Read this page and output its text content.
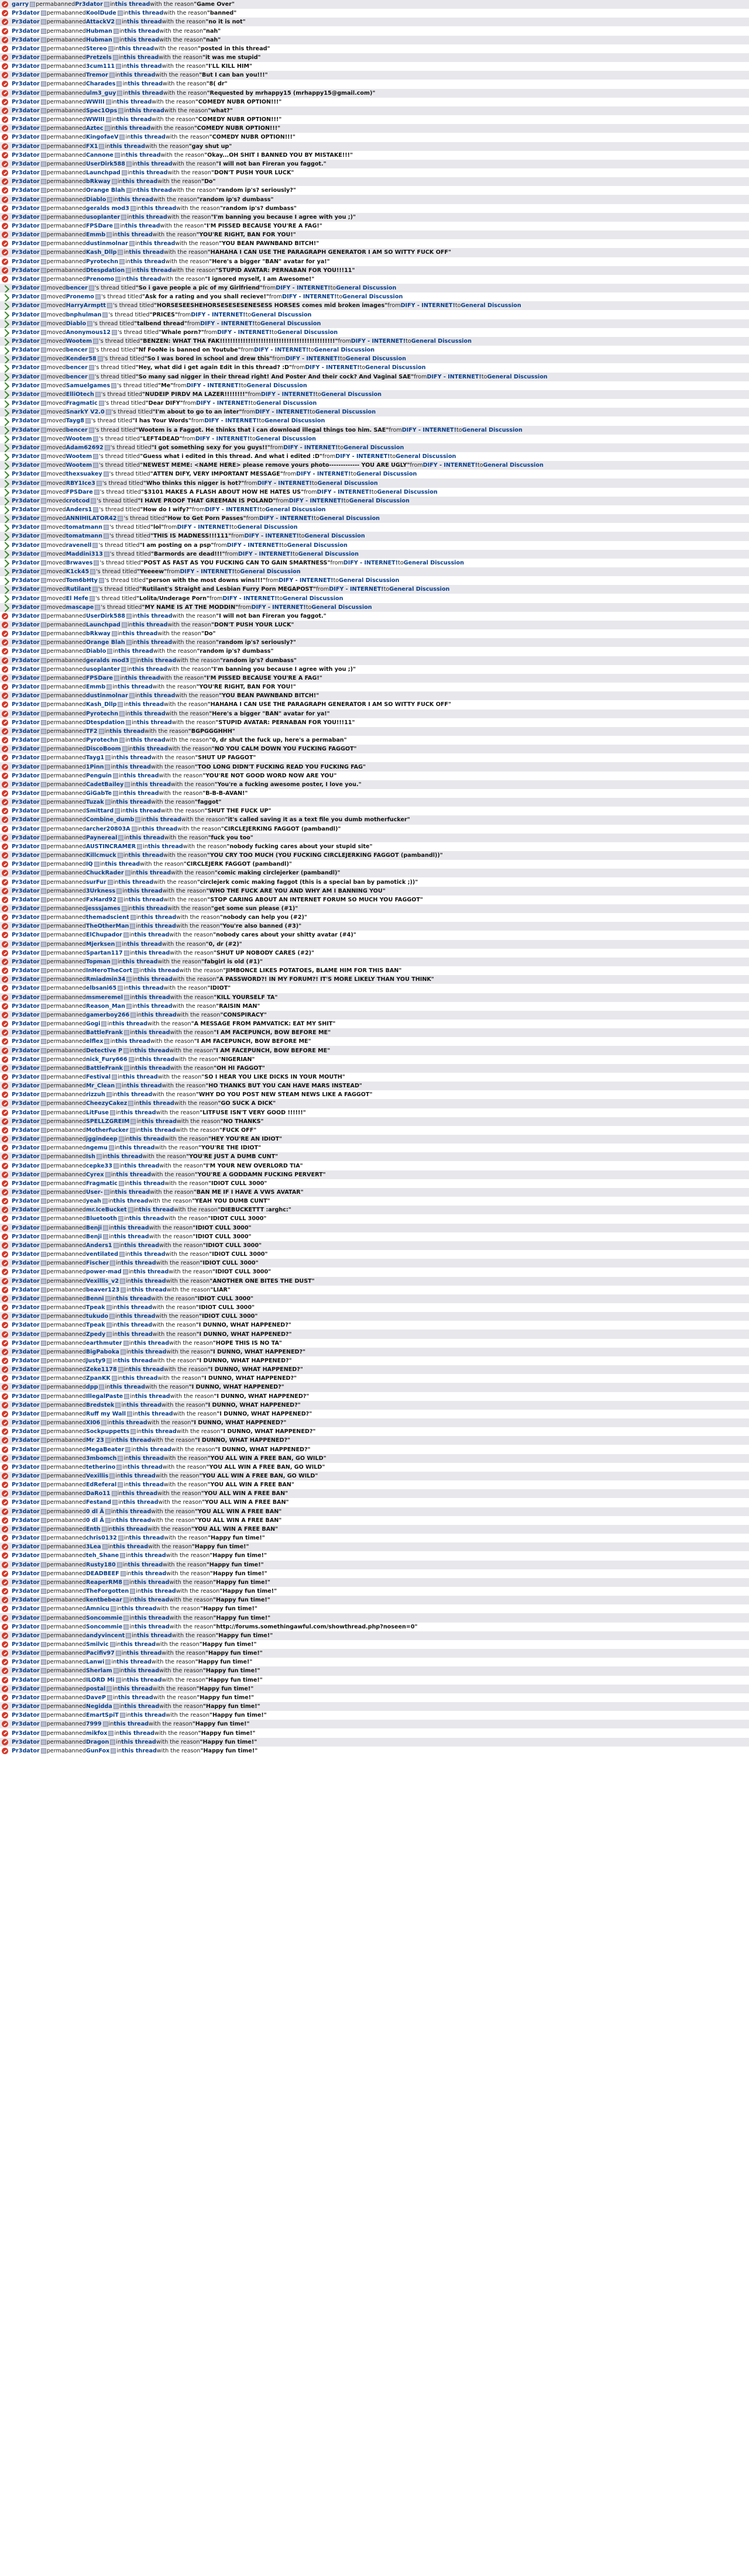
garry permabanned Pr3dator in this thread with the reason "Game Over"
Pr3dator permabanned KoolDude in this thread with the reason "banned"
Pr3dator permabanned AttackV2 in this thread with the reason "no it is not"
Pr3dator permabanned Hubman in this thread with the reason "nah"
Pr3dator permabanned Hubman in this thread with the reason "nah"
Pr3dator permabanned Stereo in this thread with the reason "posted in this thread"
Pr3dator permabanned Pretzels in this thread with the reason "it was me stupid"
Pr3dator permabanned 3cum111 in this thread with the reason "I'LL KILL HIM"
Pr3dator permabanned Tremor in this thread with the reason "But I can ban you!!!"
Pr3dator permabanned Charades in this thread with the reason "8( dr"
Pr3dator permabanned ulm3_guy in this thread with the reason "Requested by mrhappy15 (mrhappy15@gmail.com)"
Pr3dator permabanned WWIII in this thread with the reason "COMEDY NUBR OPTION!!!"
Pr3dator permabanned Spec1Ops in this thread with the reason "what?"
Pr3dator permabanned WWIII in this thread with the reason "COMEDY NUBR OPTION!!!"
Pr3dator permabanned Aztec in this thread with the reason "COMEDY NUBR OPTION!!!"
Pr3dator permabanned KingofaeV in this thread with the reason "COMEDY NUBR OPTION!!!"
Pr3dator permabanned FX1 in this thread with the reason "gay shut up"
Pr3dator permabanned Cannone in this thread with the reason "Okay...OH SHIT I BANNED YOU BY MISTAKE!!!"
Pr3dator permabanned UserDirk588 in this thread with the reason "I will not ban Fireran you faggot."
Pr3dator permabanned Launchpad in this thread with the reason "DON'T PUSH YOUR LUCK"
Pr3dator permabanned bRkway in this thread with the reason "Do"
Pr3dator permabanned Orange Blah in this thread with the reason "random ip's? seriously?"
Pr3dator permabanned Diablo in this thread with the reason "random ip's? dumbass"
Pr3dator permabanned geralds mod3 in this thread with the reason "random ip's? dumbass"
Pr3dator permabanned usoplanter in this thread with the reason "I'm banning you because I agree with you ;)"
Pr3dator permabanned FPSDare in this thread with the reason "I'M PISSED BECAUSE YOU'RE A FAG!"
Pr3dator permabanned Emmb in this thread with the reason "YOU'RE RIGHT, BAN FOR YOU!"
Pr3dator permabanned dustinmolnar in this thread with the reason "YOU BEAN PAWNBAND BITCH!"
Pr3dator permabanned Kash_Dllp in this thread with the reason "HAHAHA I CAN USE THE PARAGRAPH GENERATOR I AM SO WITTY FUCK OFF"
Pr3dator permabanned Pyrotechn in this thread with the reason "Here's a bigger "BAN" avatar for ya!"
Pr3dator permabanned Dtespdation in this thread with the reason "STUPID AVATAR: PERNABAN FOR YOU!!!11"
Pr3dator permabanned Prenomo in this thread with the reason "I ignored myself, I am Awesome!"
Pr3dator moved bencer 's thread titled "So i gave people a pic of my Girlfriend" from DIFY - INTERNET! to General Discussion
Pr3dator moved Pronemo 's thread titled "Ask for a rating and you shall recieve!" from DIFY - INTERNET! to General Discussion
Pr3dator moved HarryArmptt 's thread titled "HORSESEESHEHORSESESESENESESS HORSES comes mid broken images" from DIFY - INTERNET! to General Discussion
Pr3dator moved bnphulman 's thread titled "PRICES" from DIFY - INTERNET! to General Discussion
Pr3dator moved Diablo 's thread titled "talbend thread" from DIFY - INTERNET! to General Discussion
Pr3dator moved Anonymous12 's thread titled "Whale porn?" from DIFY - INTERNET! to General Discussion
Pr3dator moved Wootem 's thread titled "BENZEN: WHAT THA FAK!!!!!!!!!!!!!!!!!!!!!!!!!!!!!!!!!!!!!!!!!!!!!" from DIFY - INTERNET! to General Discussion
Pr3dator moved bencer 's thread titled "Nf FooNe is banned on Youtube" from DIFY - INTERNET! to General Discussion
Pr3dator moved Kender58 's thread titled "So I was bored in school and drew this" from DIFY - INTERNET! to General Discussion
Pr3dator moved bencer 's thread titled "Hey, what did i get again Edit in this thread? :D" from DIFY - INTERNET! to General Discussion
Pr3dator moved bencer 's thread titled "So many sad nigger in their thread right! And Poster And their cock? And Vaginal SAE" from DIFY - INTERNET! to General Discussion
Pr3dator moved Samuelgames 's thread titled "Me" from DIFY - INTERNET! to General Discussion
Pr3dator moved ElliOtech 's thread titled "NUDEIP PIRDV MA LAZER!!!!!!!!" from DIFY - INTERNET! to General Discussion
Pr3dator moved Fragmatic 's thread titled "Dear DIFY" from DIFY - INTERNET! to General Discussion
Pr3dator moved SnarkY V2.0 's thread titled "I'm about to go to an inter" from DIFY - INTERNET! to General Discussion
Pr3dator moved Tayg8 's thread titled "I has Your Words" from DIFY - INTERNET! to General Discussion
Pr3dator moved bencer 's thread titled "Wootem is a Faggot. He thinks that i can download illegal things too him. SAE" from DIFY - INTERNET! to General Discussion
Pr3dator moved Wootem 's thread titled "LEFT4DEAD" from DIFY - INTERNET! to General Discussion
Pr3dator moved Adam62692 's thread titled "I got something sexy for you guys!!" from DIFY - INTERNET! to General Discussion
Pr3dator moved Wootem 's thread titled "Guess what i edited in this thread. And what i edited :D" from DIFY - INTERNET! to General Discussion
Pr3dator moved Wootem 's thread titled "NEWEST MEME: <NAME HERE> please remove yours photo------------- YOU ARE UGLY" from DIFY - INTERNET! to General Discussion
Pr3dator moved thexsuakey 's thread titled "ATTEN DIFY, VERY IMPORTANT MESSAGE" from DIFY - INTERNET! to General Discussion
Pr3dator moved RBY1Ice3 's thread titled "Who thinks this nigger is hot?" from DIFY - INTERNET! to General Discussion
Pr3dator moved FPSDare 's thread titled "$3101 MAKES A FLASH ABOUT HOW HE HATES US" from DIFY - INTERNET! to General Discussion
Pr3dator moved crotcod 's thread titled "I HAVE PROOF THAT GREEMAN IS POLAND" from DIFY - INTERNET! to General Discussion
Pr3dator moved Anders1 's thread titled "How do I wify?" from DIFY - INTERNET! to General Discussion
Pr3dator moved ANNIHILATOR42 's thread titled "How to Get Porn Passes" from DIFY - INTERNET! to General Discussion
Pr3dator moved tomatmann 's thread titled "lol" from DIFY - INTERNET! to General Discussion
Pr3dator moved tomatmann 's thread titled "THIS IS MADNESS!!!111" from DIFY - INTERNET! to General Discussion
Pr3dator moved ravenell 's thread titled "I am posting on a psp" from DIFY - INTERNET! to General Discussion
Pr3dator moved Maddini313 's thread titled "Barmords are dead!!!" from DIFY - INTERNET! to General Discussion
Pr3dator moved Brwaves 's thread titled "POST AS FAST AS YOU FUCKING CAN TO GAIN SMARTNESS" from DIFY - INTERNET! to General Discussion
Pr3dator moved K1ck45 's thread titled "Yeeeew" from DIFY - INTERNET! to General Discussion
Pr3dator moved Tom6bHty 's thread titled "person with the most downs wins!!!" from DIFY - INTERNET! to General Discussion
Pr3dator moved Rutilant 's thread titled "Rutilant's Straight and Lesbian Furry Porn MEGAPOST" from DIFY - INTERNET! to General Discussion
Pr3dator moved El Hefe 's thread titled "Lolita/Underage Porn" from DIFY - INTERNET! to General Discussion
Pr3dator moved mascape 's thread titled "MY NAME IS AT THE MODDIN" from DIFY - INTERNET! to General Discussion
Pr3dator permabanned UserDirk588 in this thread with the reason "I will not ban Fireran you faggot."
Pr3dator permabanned Launchpad in this thread with the reason "DON'T PUSH YOUR LUCK"
Pr3dator permabanned bRkway in this thread with the reason "Do"
Pr3dator permabanned Orange Blah in this thread with the reason "random ip's? seriously?"
Pr3dator permabanned Diablo in this thread with the reason "random ip's? dumbass"
Pr3dator permabanned geralds mod3 in this thread with the reason "random ip's? dumbass"
Pr3dator permabanned usoplanter in this thread with the reason "I'm banning you because I agree with you ;)"
Pr3dator permabanned FPSDare in this thread with the reason "I'M PISSED BECAUSE YOU'RE A FAG!"
Pr3dator permabanned Emmb in this thread with the reason "YOU'RE RIGHT, BAN FOR YOU!"
Pr3dator permabanned dustinmolnar in this thread with the reason "YOU BEAN PAWNBAND BITCH!"
Pr3dator permabanned Kash_Dllp in this thread with the reason "HAHAHA I CAN USE THE PARAGRAPH GENERATOR I AM SO WITTY FUCK OFF"
Pr3dator permabanned Pyrotechn in this thread with the reason "Here's a bigger "BAN" avatar for ya!"
Pr3dator permabanned Dtespdation in this thread with the reason "STUPID AVATAR: PERNABAN FOR YOU!!!11"
Pr3dator permabanned TF2 in this thread with the reason "BGPGGGHHH"
Pr3dator permabanned Pyrotechn in this thread with the reason "0, dr shut the fuck up, here's a permaban"
Pr3dator permabanned DiscoBoom in this thread with the reason "NO YOU CALM DOWN YOU FUCKING FAGGOT"
Pr3dator permabanned Tayg1 in this thread with the reason "SHUT UP FAGGOT"
Pr3dator permabanned 1Pinn in this thread with the reason "TOO LONG DIDN'T FUCKING READ YOU FUCKING FAG"
Pr3dator permabanned Penguin in this thread with the reason "YOU'RE NOT GOOD WORD NOW ARE YOU"
Pr3dator permabanned CadetBailey in this thread with the reason "You're a fucking awesome poster, I love you."
Pr3dator permabanned GiGabTe in this thread with the reason "B-B-B-AVAN!"
Pr3dator permabanned Tuzak in this thread with the reason "faggot"
Pr3dator permabanned Smittard in this thread with the reason "SHUT THE FUCK UP"
Pr3dator permabanned Combine_dumb in this thread with the reason "it's called saving it as a text file you dumb motherfucker"
Pr3dator permabanned archer20803A in this thread with the reason "CIRCLEJERKING FAGGOT (pambandl)"
Pr3dator permabanned Paynereal in this thread with the reason "fuck you too"
Pr3dator permabanned AUSTINCRAMER in this thread with the reason "nobody fucking cares about your stupid site"
Pr3dator permabanned Killcmuck in this thread with the reason "YOU CRY TOO MUCH (YOU FUCKING CIRCLEJERKING FAGGOT (pambandl))"
Pr3dator permabanned IQ in this thread with the reason "CIRCLEJERK FAGGOT (pambandl)"
Pr3dator permabanned ChuckRader in this thread with the reason "comic making circlejerker (pambandl)"
Pr3dator permabanned surFur in this thread with the reason "circlejerk comic making faggot (this is a special ban by pamotick ;))"
Pr3dator permabanned 3Urkness in this thread with the reason "WHO THE FUCK ARE YOU AND WHY AM I BANNING YOU"
Pr3dator permabanned FxHard92 in this thread with the reason "STOP CARING ABOUT AN INTERNET FORUM SO MUCH YOU FAGGOT"
Pr3dator permabanned jesssjames in this thread with the reason "get some sun please (#1)"
Pr3dator permabanned themadscient in this thread with the reason "nobody can help you (#2)"
Pr3dator permabanned TheOtherMan in this thread with the reason "You're also banned (#3)"
Pr3dator permabanned ElChupador in this thread with the reason "nobody cares about your shitty avatar (#4)"
Pr3dator permabanned Mjerksen in this thread with the reason "0, dr (#2)"
Pr3dator permabanned Spartan117 in this thread with the reason "SHUT UP NOBODY CARES (#2)"
Pr3dator permabanned Topman in this thread with the reason "fabgirl is old (#1)"
Pr3dator permabanned InHeroTheCort in this thread with the reason "JIMBONCE LIKES POTATOES, BLAME HIM FOR THIS BAN"
Pr3dator permabanned Rmiadmin34 in this thread with the reason "A PASSWORD?! IN MY FORUM?! IT'S MORE LIKELY THAN YOU THINK"
Pr3dator permabanned elbsani65 in this thread with the reason "IDIOT"
Pr3dator permabanned msmeremel in this thread with the reason "KILL YOURSELF TA"
Pr3dator permabanned Reason_Man in this thread with the reason "RAISIN MAN"
Pr3dator permabanned gamerboy266 in this thread with the reason "CONSPIRACY"
Pr3dator permabanned Gogi in this thread with the reason "A MESSAGE FROM PAMVATICK: EAT MY SHIT"
Pr3dator permabanned BattleFrank in this thread with the reason "I AM FACEPUNCH, BOW BEFORE ME"
Pr3dator permabanned elflex in this thread with the reason "I AM FACEPUNCH, BOW BEFORE ME"
Pr3dator permabanned Detective P in this thread with the reason "I AM FACEPUNCH, BOW BEFORE ME"
Pr3dator permabanned nick_Fury666 in this thread with the reason "NIGERIAN"
Pr3dator permabanned BattleFrank in this thread with the reason "OH HI FAGGOT"
Pr3dator permabanned Festival in this thread with the reason "SO I HEAR YOU LIKE DICKS IN YOUR MOUTH"
Pr3dator permabanned Mr_Clean in this thread with the reason "HO THANKS BUT YOU CAN HAVE MARS INSTEAD"
Pr3dator permabanned rizzuh in this thread with the reason "WHY DO YOU POST NEW STEAM NEWS LIKE A FAGGOT"
Pr3dator permabanned CheezyCakez in this thread with the reason "GO SUCK A DICK"
Pr3dator permabanned LitFuse in this thread with the reason "LITFUSE ISN'T VERY GOOD !!!!!!"
Pr3dator permabanned SPELLZGREIM in this thread with the reason "NO THANKS"
Pr3dator permabanned Motherfucker in this thread with the reason "FUCK OFF"
Pr3dator permabanned jggindeep in this thread with the reason "HEY YOU'RE AN IDIOT"
Pr3dator permabanned ngemu in this thread with the reason "YOU'RE THE IDIOT"
Pr3dator permabanned Ish in this thread with the reason "YOU'RE JUST A DUMB CUNT"
Pr3dator permabanned cepke33 in this thread with the reason "I'M YOUR NEW OVERLORD TIA"
Pr3dator permabanned Cyrex in this thread with the reason "YOU'RE A GODDAMN FUCKING PERVERT"
Pr3dator permabanned Fragmatic in this thread with the reason "IDIOT CULL 3000"
Pr3dator permabanned User- in this thread with the reason "BAN ME IF I HAVE A VWS AVATAR"
Pr3dator permabanned yeah in this thread with the reason "YEAH YOU DUMB CUNT"
Pr3dator permabanned mr.IceBucket in this thread with the reason "DIEBUCKETTT :arghc:"
Pr3dator permabanned Bluetooth in this thread with the reason "IDIOT CULL 3000"
Pr3dator permabanned Benji in this thread with the reason "IDIOT CULL 3000"
Pr3dator permabanned Benji in this thread with the reason "IDIOT CULL 3000"
Pr3dator permabanned Anders1 in this thread with the reason "IDIOT CULL 3000"
Pr3dator permabanned ventilated in this thread with the reason "IDIOT CULL 3000"
Pr3dator permabanned Fischer in this thread with the reason "IDIOT CULL 3000"
Pr3dator permabanned power-mad in this thread with the reason "IDIOT CULL 3000"
Pr3dator permabanned Vexillis_v2 in this thread with the reason "ANOTHER ONE BITES THE DUST"
Pr3dator permabanned beaver123 in this thread with the reason "LIAR"
Pr3dator permabanned Benni in this thread with the reason "IDIOT CULL 3000"
Pr3dator permabanned Tpeak in this thread with the reason "IDIOT CULL 3000"
Pr3dator permabanned tukudo in this thread with the reason "IDIOT CULL 3000"
Pr3dator permabanned Tpeak in this thread with the reason "I DUNNO, WHAT HAPPENED?"
Pr3dator permabanned Zpedy in this thread with the reason "I DUNNO, WHAT HAPPENED?"
Pr3dator permabanned earthmuter in this thread with the reason "HOPE THIS IS NO TA"
Pr3dator permabanned BigPaboka in this thread with the reason "I DUNNO, WHAT HAPPENED?"
Pr3dator permabanned Justy9 in this thread with the reason "I DUNNO, WHAT HAPPENED?"
Pr3dator permabanned Zeke1178 in this thread with the reason "I DUNNO, WHAT HAPPENED?"
Pr3dator permabanned ZpanKK in this thread with the reason "I DUNNO, WHAT HAPPENED?"
Pr3dator permabanned dpp in this thread with the reason "I DUNNO, WHAT HAPPENED?"
Pr3dator permabanned IllegalPaste in this thread with the reason "I DUNNO, WHAT HAPPENED?"
Pr3dator permabanned Bredstek in this thread with the reason "I DUNNO, WHAT HAPPENED?"
Pr3dator permabanned Ruff my Wall in this thread with the reason "I DUNNO, WHAT HAPPENED?"
Pr3dator permabanned XI06 in this thread with the reason "I DUNNO, WHAT HAPPENED?"
Pr3dator permabanned Sockpuppetts in this thread with the reason "I DUNNO, WHAT HAPPENED?"
Pr3dator permabanned Mr 23 in this thread with the reason "I DUNNO, WHAT HAPPENED?"
Pr3dator permabanned MegaBeater in this thread with the reason "I DUNNO, WHAT HAPPENED?"
Pr3dator permabanned 3mbomch in this thread with the reason "YOU ALL WIN A FREE BAN, GO WILD"
Pr3dator permabanned tetherino in this thread with the reason "YOU ALL WIN A FREE BAN, GO WILD"
Pr3dator permabanned Vexillis in this thread with the reason "YOU ALL WIN A FREE BAN, GO WILD"
Pr3dator permabanned EdReferal in this thread with the reason "YOU ALL WIN A FREE BAN"
Pr3dator permabanned DaRo11 in this thread with the reason "YOU ALL WIN A FREE BAN"
Pr3dator permabanned Festand in this thread with the reason "YOU ALL WIN A FREE BAN"
Pr3dator permabanned 0 dl Ä in this thread with the reason "YOU ALL WIN A FREE BAN"
Pr3dator permabanned 0 dl Ä in this thread with the reason "YOU ALL WIN A FREE BAN"
Pr3dator permabanned Enth in this thread with the reason "YOU ALL WIN A FREE BAN"
Pr3dator permabanned chris0132 in this thread with the reason "Happy fun time!"
Pr3dator permabanned 3Lea in this thread with the reason "Happy fun time!"
Pr3dator permabanned teh_Shane in this thread with the reason "Happy fun time!"
Pr3dator permabanned Rusty180 in this thread with the reason "Happy fun time!"
Pr3dator permabanned DEADBEEF in this thread with the reason "Happy fun time!"
Pr3dator permabanned ReaperRM8 in this thread with the reason "Happy fun time!"
Pr3dator permabanned TheForgotten in this thread with the reason "Happy fun time!"
Pr3dator permabanned kentbebear in this thread with the reason "Happy fun time!"
Pr3dator permabanned Amnicu in this thread with the reason "Happy fun time!"
Pr3dator permabanned Soncommie in this thread with the reason "Happy fun time!"
Pr3dator permabanned Soncommie in this thread with the reason "http://forums.somethingawful.com/showthread.php?noseen=0"
Pr3dator permabanned andyvincent in this thread with the reason "Happy fun time!"
Pr3dator permabanned Smilvic in this thread with the reason "Happy fun time!"
Pr3dator permabanned Pacifiv97 in this thread with the reason "Happy fun time!"
Pr3dator permabanned Lanwi in this thread with the reason "Happy fun time!"
Pr3dator permabanned Sherlam in this thread with the reason "Happy fun time!"
Pr3dator permabanned ILORD Mi in this thread with the reason "Happy fun time!"
Pr3dator permabanned postal in this thread with the reason "Happy fun time!"
Pr3dator permabanned DaveP in this thread with the reason "Happy fun time!"
Pr3dator permabanned Negidda in this thread with the reason "Happy fun time!"
Pr3dator permabanned EmartSpiT in this thread with the reason "Happy fun time!"
Pr3dator permabanned 7999 in this thread with the reason "Happy fun time!"
Pr3dator permabanned mikfox in this thread with the reason "Happy fun time!"
Pr3dator permabanned Dragon in this thread with the reason "Happy fun time!"
Pr3dator permabanned GunFox in this thread with the reason "Happy fun time!"
